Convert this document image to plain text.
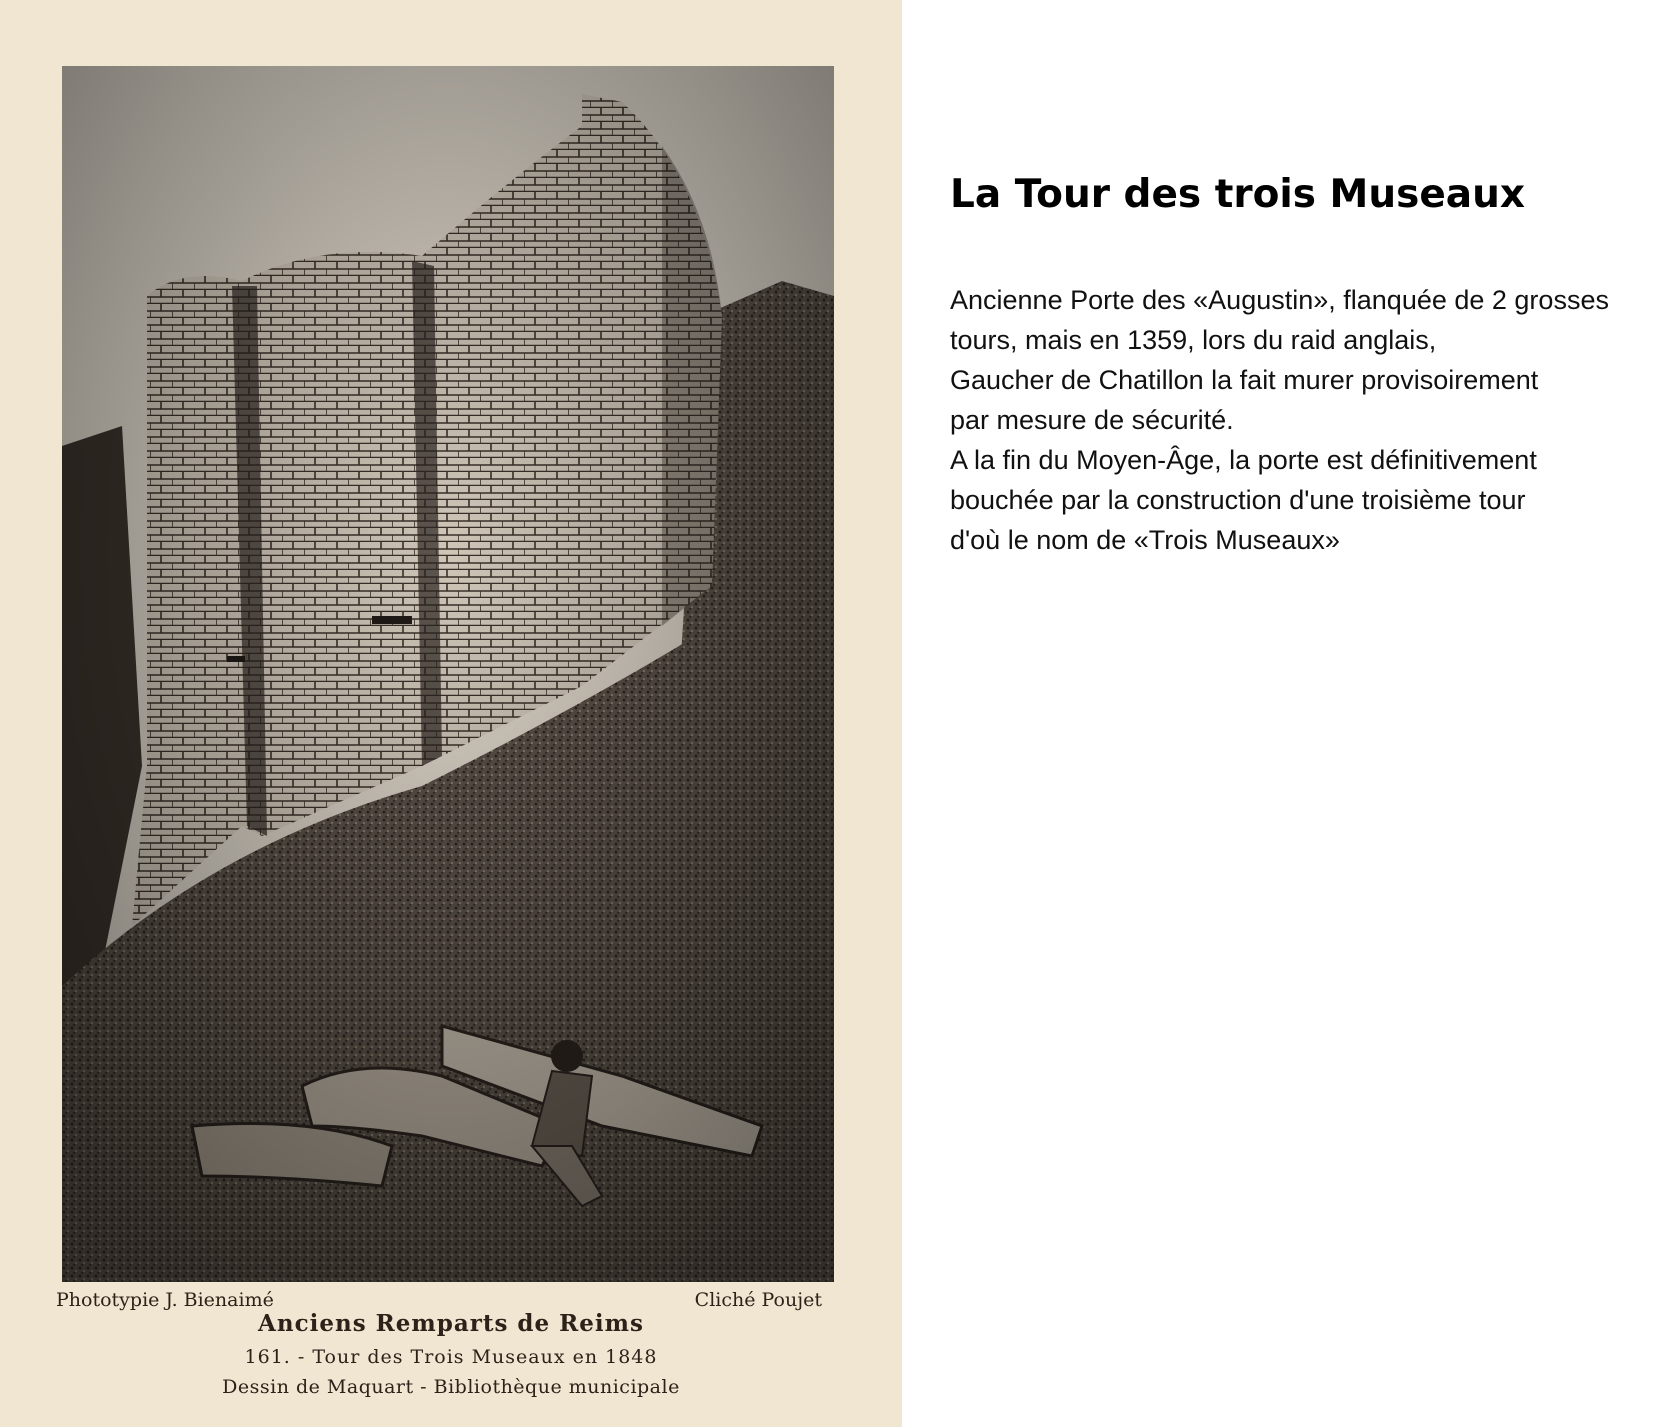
Phototypie J. Bienaimé	Cliché Poujet
Anciens Remparts de Reims
161. - Tour des Trois Museaux en 1848
Dessin de Maquart - Bibliothèque municipale
La Tour des trois Museaux
Ancienne Porte des «Augustin», flanquée de 2 grosses
tours, mais en 1359, lors du raid anglais,
Gaucher de Chatillon la fait murer provisoirement
par mesure de sécurité.
A la fin du Moyen-Âge, la porte est définitivement
bouchée par la construction d'une troisième tour
d'où le nom de «Trois Museaux»
